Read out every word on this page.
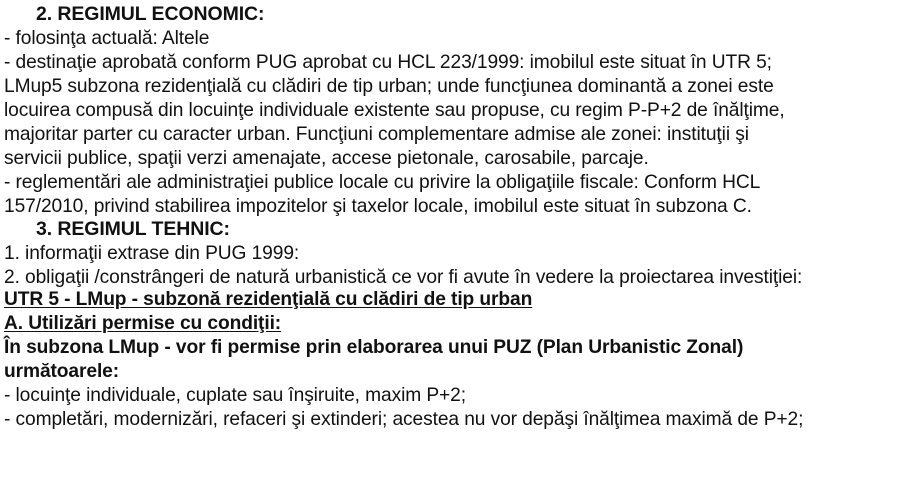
2. REGIMUL ECONOMIC:
- folosinţa actuală: Altele
- destinaţie aprobată conform PUG aprobat cu HCL 223/1999: imobilul este situat în UTR 5;
LMup5 subzona rezidenţială cu clădiri de tip urban; unde funcţiunea dominantă a zonei este
locuirea compusă din locuinţe individuale existente sau propuse, cu regim P-P+2 de înălţime,
majoritar parter cu caracter urban. Funcţiuni complementare admise ale zonei: instituţii şi
servicii publice, spaţii verzi amenajate, accese pietonale, carosabile, parcaje.
- reglementări ale administraţiei publice locale cu privire la obligaţiile fiscale: Conform HCL
157/2010, privind stabilirea impozitelor şi taxelor locale, imobilul este situat în subzona C.
3. REGIMUL TEHNIC:
1. informaţii extrase din PUG 1999:
2. obligaţii /constrângeri de natură urbanistică ce vor fi avute în vedere la proiectarea investiţiei:
UTR 5 - LMup - subzonă rezidenţială cu clădiri de tip urban
A. Utilizări permise cu condiţii:
În subzona LMup - vor fi permise prin elaborarea unui PUZ (Plan Urbanistic Zonal)
următoarele:
- locuinţe individuale, cuplate sau înşiruite, maxim P+2;
- completări, modernizări, refaceri şi extinderi; acestea nu vor depăşi înălţimea maximă de P+2;
